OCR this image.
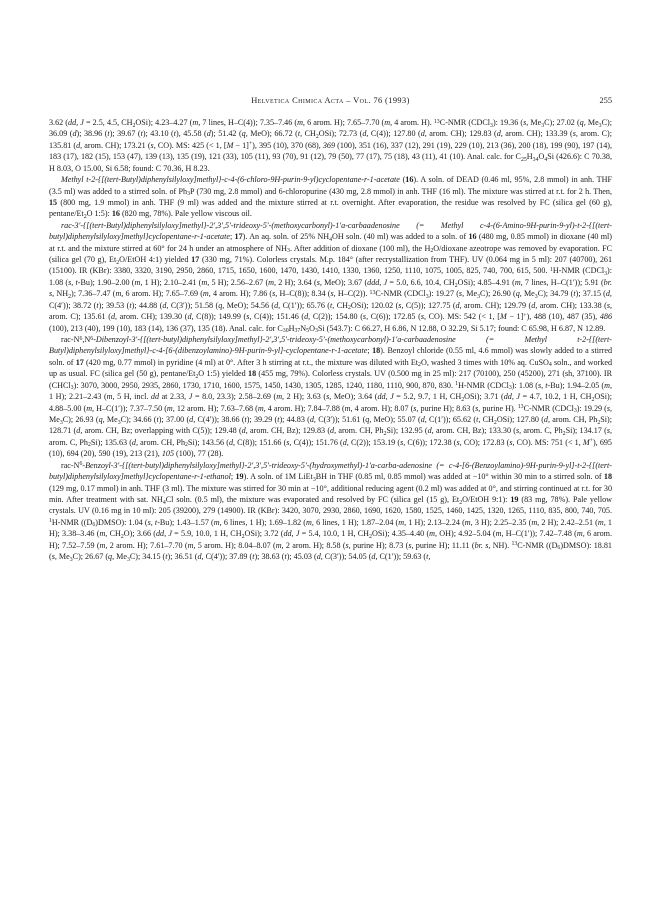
Helvetica Chimica Acta – Vol. 76 (1993)	255

3.62 (dd, J = 2.5, 4.5, $CH_2OSi$); 4.23–4.27 (m, 7 lines, H–C(4)); 7.35–7.46 (m, 6 arom. H); 7.65–7.70 (m, 4 arom. H). $^{13}$C-NMR (CDCl$_3$): 19.36 (s, $Me_3C$); 27.02 (q, $Me_3C$); 36.09 (d); 38.96 (t); 39.67 (t); 43.10 (t), 45.58 (d); 51.42 (q, MeO); 66.72 (t, $CH_2OSi$); 72.73 (d, C(4)); 127.80 (d, arom. CH); 129.83 (d, arom. CH); 133.39 (s, arom. C); 135.81 (d, arom. CH); 173.21 (s, CO). MS: 425 (< 1, [M − 1]+), 395 (10), 370 (68), 369 (100), 351 (16), 337 (12), 291 (19), 229 (10), 213 (36), 200 (18), 199 (90), 197 (14), 183 (17), 182 (15), 153 (47), 139 (13), 135 (19), 121 (33), 105 (11), 93 (70), 91 (12), 79 (50), 77 (17), 75 (18), 43 (11), 41 (10). Anal. calc. for $C_{25}H_{34}O_4Si$ (426.6): C 70.38, H 8.03, O 15.00, Si 6.58; found: C 70.36, H 8.23.

Methyl t-2-{[(tert-Butyl)diphenylsilyloxy]methyl}-c-4-(6-chloro-9H-purin-9-yl)cyclopentane-r-1-acetate (16). A soln. of DEAD (0.46 ml, 95%, 2.8 mmol) in anh. THF (3.5 ml) was added to a stirred soln. of $Ph_3P$ (730 mg, 2.8 mmol) and 6-chloropurine (430 mg, 2.8 mmol) in anh. THF (16 ml). The mixture was stirred at r.t. for 2 h. Then, 15 (800 mg, 1.9 mmol) in anh. THF (9 ml) was added and the mixture stirred at r.t. overnight. After evaporation, the residue was resolved by FC (silica gel (60 g), pentane/$Et_2O$ 1:5): 16 (820 mg, 78%). Pale yellow viscous oil.

rac-3′-{[(tert-Butyl)diphenylsilyloxy]methyl}-2′,3′,5′-trideoxy-5′-(methoxycarbonyl)-1′a-carbaadenosine (= Methyl c-4-(6-Amino-9H-purin-9-yl)-t-2-{[(tert-butyl)diphenylsilyloxy]methyl}cyclopentane-r-1-acetate; 17). An aq. soln. of 25% $NH_4OH$ soln. (40 ml) was added to a soln. of 16 (480 mg, 0.85 mmol) in dioxane (40 ml) at r.t. and the mixture stirred at 60° for 24 h under an atmosphere of $NH_3$. After addition of dioxane (100 ml), the $H_2O$/dioxane azeotrope was removed by evaporation. FC (silica gel (70 g), $Et_2O$/EtOH 4:1) yielded 17 (330 mg, 71%). Colorless crystals. M.p. 184° (after recrystallization from THF). UV (0.064 mg in 5 ml): 207 (40700), 261 (15100). IR (KBr): 3380, 3320, 3190, 2950, 2860, 1715, 1650, 1600, 1470, 1430, 1410, 1330, 1360, 1250, 1110, 1075, 1005, 825, 740, 700, 615, 500. $^1$H-NMR (CDCl$_3$): 1.08 (s, t-Bu); 1.90–2.00 (m, 1 H); 2.10–2.41 (m, 5 H); 2.56–2.67 (m, 2 H); 3.64 (s, MeO); 3.67 (ddd, J = 5.0, 6.6, 10.4, $CH_2OSi$); 4.85–4.91 (m, 7 lines, H–C(1′)); 5.91 (br. s, $NH_2$); 7.36–7.47 (m, 6 arom. H); 7.65–7.69 (m, 4 arom. H); 7.86 (s, H–C(8)); 8.34 (s, H–C(2)). $^{13}$C-NMR (CDCl$_3$): 19.27 (s, $Me_3C$); 26.90 (q, $Me_3C$); 34.79 (t); 37.15 (d, C(4′)); 38.72 (t); 39.53 (t); 44.88 (d, C(3′)); 51.58 (q, MeO); 54.56 (d, C(1′)); 65.76 (t, $CH_2OSi$); 120.02 (s, C(5)); 127.75 (d, arom. CH); 129.79 (d, arom. CH); 133.38 (s, arom. C); 135.61 (d, arom. CH); 139.30 (d, C(8)); 149.99 (s, C(4)); 151.46 (d, C(2)); 154.80 (s, C(6)); 172.85 (s, CO). MS: 542 (< 1, [M − 1]+), 488 (10), 487 (35), 486 (100), 213 (40), 199 (10), 183 (14), 136 (37), 135 (18). Anal. calc. for $C_{30}H_{37}N_5O_3Si$ (543.7): C 66.27, H 6.86, N 12.88, O 32.29, Si 5.17; found: C 65.98, H 6.87, N 12.89.

rac-$N^6,N^6-Dibenzoyl-3'-\{[(tert-butyl)diphenylsilyloxy]methyl\}-2',3',5'-trideoxy-5'-(methoxycarbonyl)-1'a$-carbaadenosine (= Methyl t-2-{[(tert-Butyl)diphenylsilyloxy]methyl}-c-4-[6-(dibenzoylamino)-9H-purin-9-yl]-cyclopentane-r-1-acetate; 18). Benzoyl chloride (0.55 ml, 4.6 mmol) was slowly added to a stirred soln. of 17 (420 mg, 0.77 mmol) in pyridine (4 ml) at 0°. After 3 h stirring at r.t., the mixture was diluted with $Et_2O$, washed 3 times with 10% aq. CuSO$_4$ soln., and worked up as usual. FC (silica gel (50 g), pentane/$Et_2O$ 1:5) yielded 18 (455 mg, 79%). Colorless crystals. UV (0.500 mg in 25 ml): 217 (70100), 250 (45200), 271 (sh, 37100). IR (CHCl$_3$): 3070, 3000, 2950, 2935, 2860, 1730, 1710, 1600, 1575, 1450, 1430, 1305, 1285, 1240, 1180, 1110, 900, 870, 830. $^1$H-NMR (CDCl$_3$): 1.08 (s, t-Bu); 1.94–2.05 (m, 1 H); 2.21–2.43 (m, 5 H, incl. dd at 2.33, J = 8.0, 23.3); 2.58–2.69 (m, 2 H); 3.63 (s, MeO); 3.64 (dd, J = 5.2, 9.7, 1 H, $CH_2OSi$); 3.71 (dd, J = 4.7, 10.2, 1 H, $CH_2OSi$); 4.88–5.00 (m, H–C(1′)); 7.37–7.50 (m, 12 arom. H); 7.63–7.68 (m, 4 arom. H); 7.84–7.88 (m, 4 arom. H); 8.07 (s, purine H); 8.63 (s, purine H). $^{13}$C-NMR (CDCl$_3$): 19.29 (s, $Me_3C$); 26.93 (q, $Me_3C$); 34.66 (t); 37.00 (d, C(4′)); 38.66 (t); 39.29 (t); 44.83 (d, C(3′)); 51.61 (q, MeO); 55.07 (d, C(1′)); 65.62 (t, $CH_2OSi$); 127.80 (d, arom. CH, $Ph_2Si$); 128.71 (d, arom. CH, Bz; overlapping with C(5)); 129.48 (d, arom. CH, Bz); 129.83 (d, arom. CH, $Ph_2Si$); 132.95 (d, arom. CH, Bz); 133.30 (s, arom. C, $Ph_2Si$); 134.17 (s, arom. C, $Ph_2Si$); 135.63 (d, arom. CH, $Ph_2Si$); 143.56 (d, C(8)); 151.66 (s, C(4)); 151.76 (d, C(2)); 153.19 (s, C(6)); 172.38 (s, CO); 172.83 (s, CO). MS: 751 (< 1, M+), 695 (10), 694 (20), 590 (19), 213 (21), 105 (100), 77 (28).

rac-$N^6-Benzoyl-3'-\{[(tert-butyl)diphenylsilyloxy]methyl\}-2',3',5'-trideoxy-5'-(hydroxymethyl)-1'a-carba$-adenosine (= c-4-[6-(Benzoylamino)-9H-purin-9-yl]-t-2-{[(tert-butyl)diphenylsilyloxy]methyl}cyclopentane-r-1-ethanol; 19). A soln. of 1M LiEt$_3$BH in THF (0.85 ml, 0.85 mmol) was added at −10° within 30 min to a stirred soln. of 18 (129 mg, 0.17 mmol) in anh. THF (3 ml). The mixture was stirred for 30 min at −10°, additional reducing agent (0.2 ml) was added at 0°, and stirring continued at r.t. for 30 min. After treatment with sat. $NH_4Cl$ soln. (0.5 ml), the mixture was evaporated and resolved by FC (silica gel (15 g), $Et_2O$/EtOH 9:1): 19 (83 mg, 78%). Pale yellow crystals. UV (0.16 mg in 10 ml): 205 (39200), 279 (14900). IR (KBr): 3420, 3070, 2930, 2860, 1690, 1620, 1580, 1525, 1460, 1425, 1320, 1265, 1110, 835, 800, 740, 705. $^1$H-NMR $((D_6)DMSO)$: 1.04 (s, t-Bu); 1.43–1.57 (m, 6 lines, 1 H); 1.69–1.82 (m, 6 lines, 1 H); 1.87–2.04 (m, 1 H); 2.13–2.24 (m, 3 H); 2.25–2.35 (m, 2 H); 2.42–2.51 (m, 1 H); 3.38–3.46 (m, $CH_2O$); 3.66 (dd, J = 5.9, 10.0, 1 H, $CH_2OSi$); 3.72 (dd, J = 5.4, 10.0, 1 H, $CH_2OSi$); 4.35–4.40 (m, OH); 4.92–5.04 (m, H–C(1′)); 7.42–7.48 (m, 6 arom. H); 7.52–7.59 (m, 2 arom. H); 7.61–7.70 (m, 5 arom. H); 8.04–8.07 (m, 2 arom. H); 8.58 (s, purine H); 8.73 (s, purine H); 11.11 (br. s, NH). $^{13}$C-NMR $((D_6)DMSO)$: 18.81 (s, $Me_3C$); 26.67 (q, $Me_3C$); 34.15 (t); 36.51 (d, C(4′)); 37.89 (t); 38.63 (t); 45.03 (d, C(3′)); 54.05 (d, C(1′)); 59.63 (t,
